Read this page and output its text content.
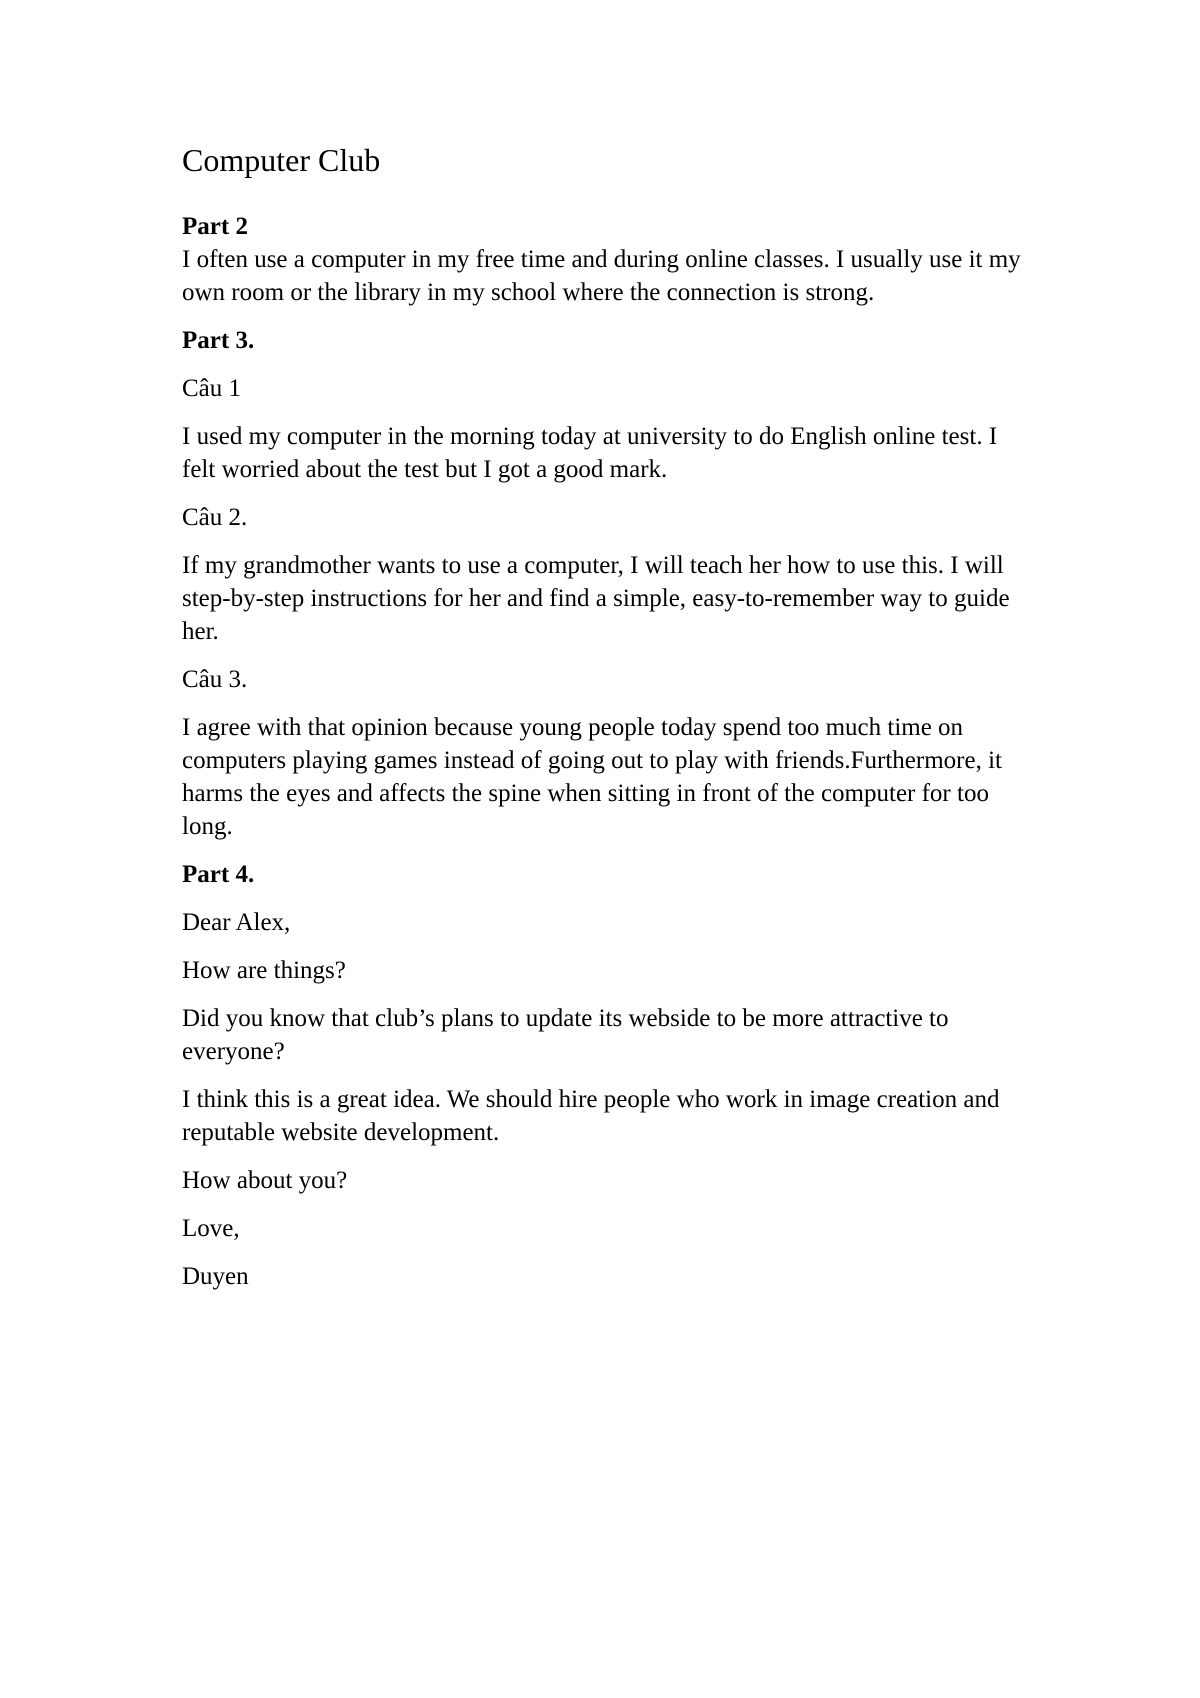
Computer Club
Part 2
I often use a computer in my free time and during online classes. I usually use it my own room or the library in my school where the connection is strong.
Part 3.
Câu 1
I used my computer in the morning today at university to do English online test. I felt worried about the test but I got a good mark.
Câu 2.
If my grandmother wants to use a computer, I will teach her how to use this. I will step-by-step instructions for her and find a simple, easy-to-remember way to guide her.
Câu 3.
I agree with that opinion because young people today spend too much time on computers playing games instead of going out to play with friends.Furthermore, it harms the eyes and affects the spine when sitting in front of the computer for too long.
Part 4.
Dear Alex,
How are things?
Did you know that club’s plans to update its webside to be more attractive to everyone?
I think this is a great idea. We should hire people who work in image creation and reputable website development.
How about you?
Love,
Duyen
